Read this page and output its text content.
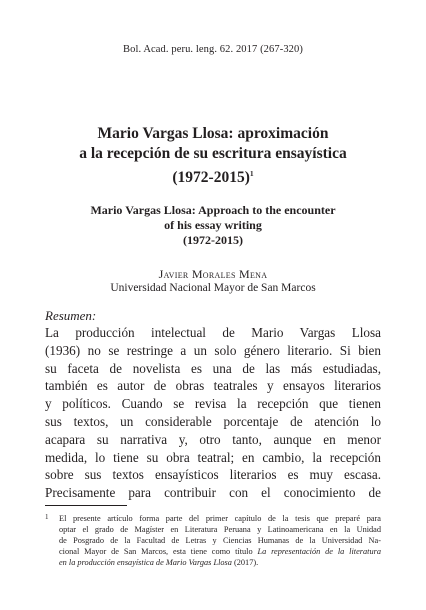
Bol. Acad. peru. leng. 62. 2017 (267-320)
Mario Vargas Llosa: aproximación
a la recepción de su escritura ensayística
(1972-2015)$^1$
Mario Vargas Llosa: Approach to the encounter
of his essay writing
(1972-2015)
Javier Morales Mena
Universidad Nacional Mayor de San Marcos
Resumen:
La producción intelectual de Mario Vargas Llosa
(1936) no se restringe a un solo género literario. Si bien
su faceta de novelista es una de las más estudiadas,
también es autor de obras teatrales y ensayos literarios
y políticos. Cuando se revisa la recepción que tienen
sus textos, un considerable porcentaje de atención lo
acapara su narrativa y, otro tanto, aunque en menor
medida, lo tiene su obra teatral; en cambio, la recepción
sobre sus textos ensayísticos literarios es muy escasa.
Precisamente para contribuir con el conocimiento de
1	El presente artículo forma parte del primer capítulo de la tesis que preparé para
optar el grado de Magíster en Literatura Peruana y Latinoamericana en la Unidad
de Posgrado de la Facultad de Letras y Ciencias Humanas de la Universidad Na-
cional Mayor de San Marcos, esta tiene como título La representación de la literatura
en la producción ensayística de Mario Vargas Llosa (2017).
